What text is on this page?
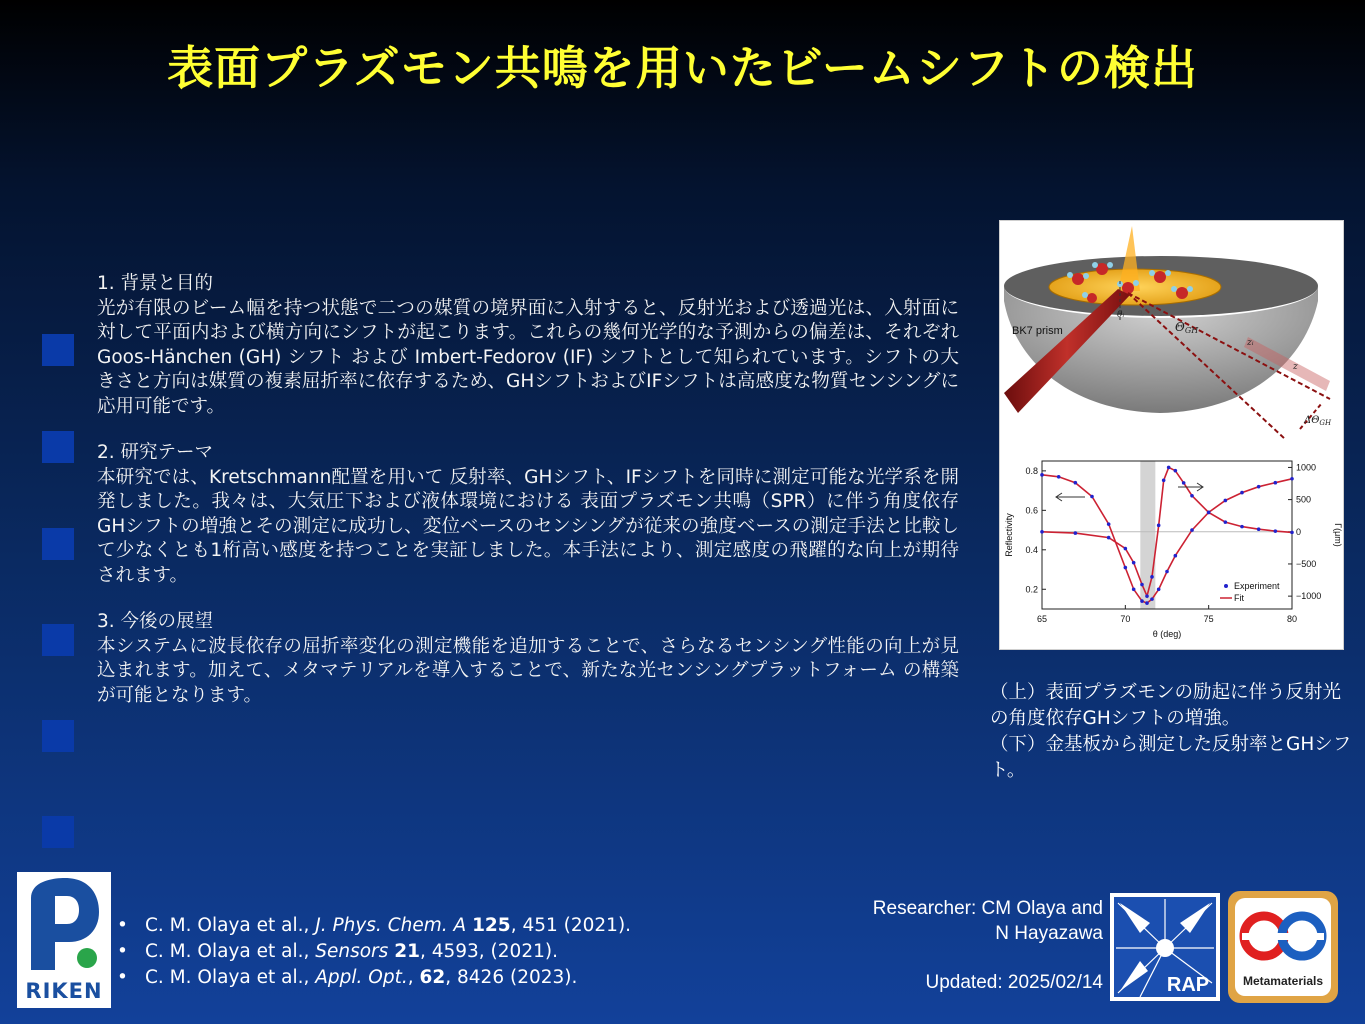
表面プラズモン共鳴を用いたビームシフトの検出
1. 背景と目的
光が有限のビーム幅を持つ状態で二つの媒質の境界面に入射すると、反射光および透過光は、入射面に対して平面内および横方向にシフトが起こります。これらの幾何光学的な予測からの偏差は、それぞれ Goos-Hänchen (GH) シフト および Imbert-Fedorov (IF) シフトとして知られています。シフトの大きさと方向は媒質の複素屈折率に依存するため、GHシフトおよびIFシフトは高感度な物質センシングに応用可能です。
2. 研究テーマ
本研究では、Kretschmann配置を用いて 反射率、GHシフト、IFシフトを同時に測定可能な光学系を開発しました。我々は、大気圧下および液体環境における 表面プラズモン共鳴（SPR）に伴う角度依存GHシフトの増強とその測定に成功し、変位ベースのセンシングが従来の強度ベースの測定手法と比較して少なくとも1桁高い感度を持つことを実証しました。本手法により、測定感度の飛躍的な向上が期待されます。
3. 今後の展望
本システムに波長依存の屈折率変化の測定機能を追加することで、さらなるセンシング性能の向上が見込まれます。加えて、メタマテリアルを導入することで、新たな光センシングプラットフォーム の構築が可能となります。
BK7 prism	ΘGH
θᵢ
zᵢ
z
$\Delta\Theta_{GH}$
65	70	75	80
0.2
0.4
0.6
0.8
−1000
−500
0
500
1000
θ (deg)
Reflectivity	Γ(μm)
Experiment
Fit
（上）表面プラズモンの励起に伴う反射光の角度依存GHシフトの増強。
（下）金基板から測定した反射率とGHシフト。
RIKEN
• C. M. Olaya et al., J. Phys. Chem. A 125, 451 (2021).
• C. M. Olaya et al., Sensors 21, 4593, (2021).
• C. M. Olaya et al., Appl. Opt., 62, 8426 (2023).
Researcher: CM Olaya and
N Hayazawa
Updated: 2025/02/14	RAP	Metamaterials
